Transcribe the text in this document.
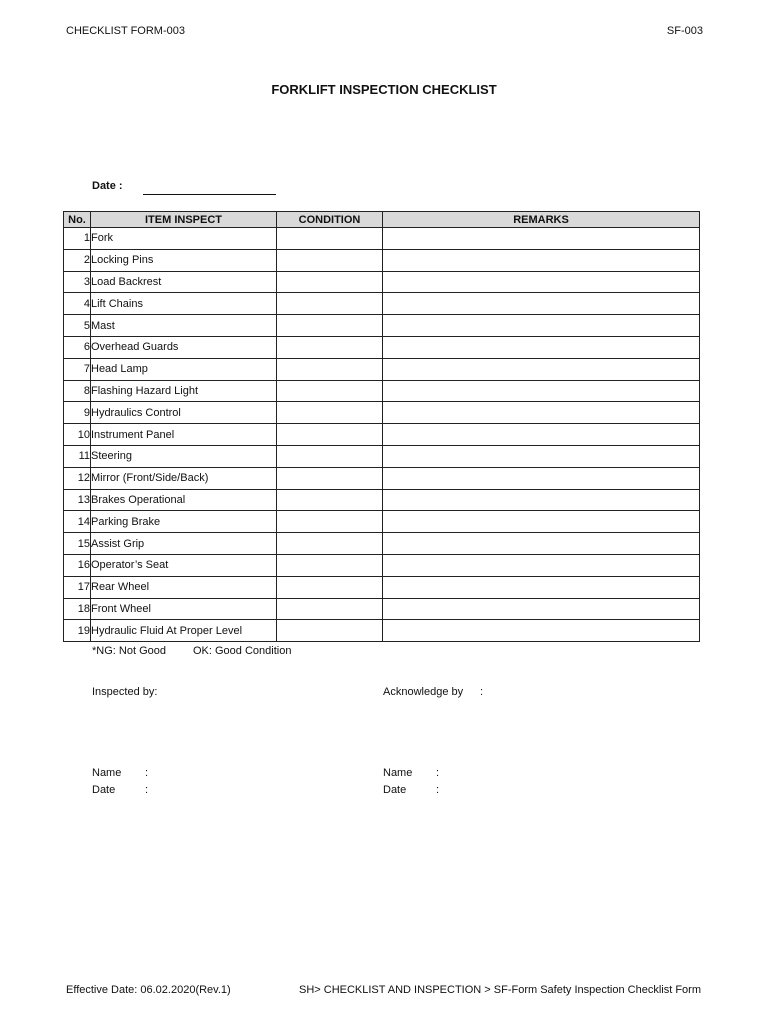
CHECKLIST FORM-003	SF-003
FORKLIFT INSPECTION CHECKLIST
Date :
No.	ITEM INSPECT	CONDITION	REMARKS
1	Fork		
2	Locking Pins		
3	Load Backrest		
4	Lift Chains		
5	Mast		
6	Overhead Guards		
7	Head Lamp		
8	Flashing Hazard Light		
9	Hydraulics Control		
10	Instrument Panel		
11	Steering		
12	Mirror (Front/Side/Back)		
13	Brakes Operational		
14	Parking Brake		
15	Assist Grip		
16	Operator’s Seat		
17	Rear Wheel		
18	Front Wheel		
19	Hydraulic Fluid At Proper Level		
*NG: Not Good OK: Good Condition
Inspected by:	Acknowledge by :
Name :
Date	:
Name :
Date	:
Effective Date: 06.02.2020(Rev.1)	SH> CHECKLIST AND INSPECTION > SF-Form Safety Inspection Checklist Form
